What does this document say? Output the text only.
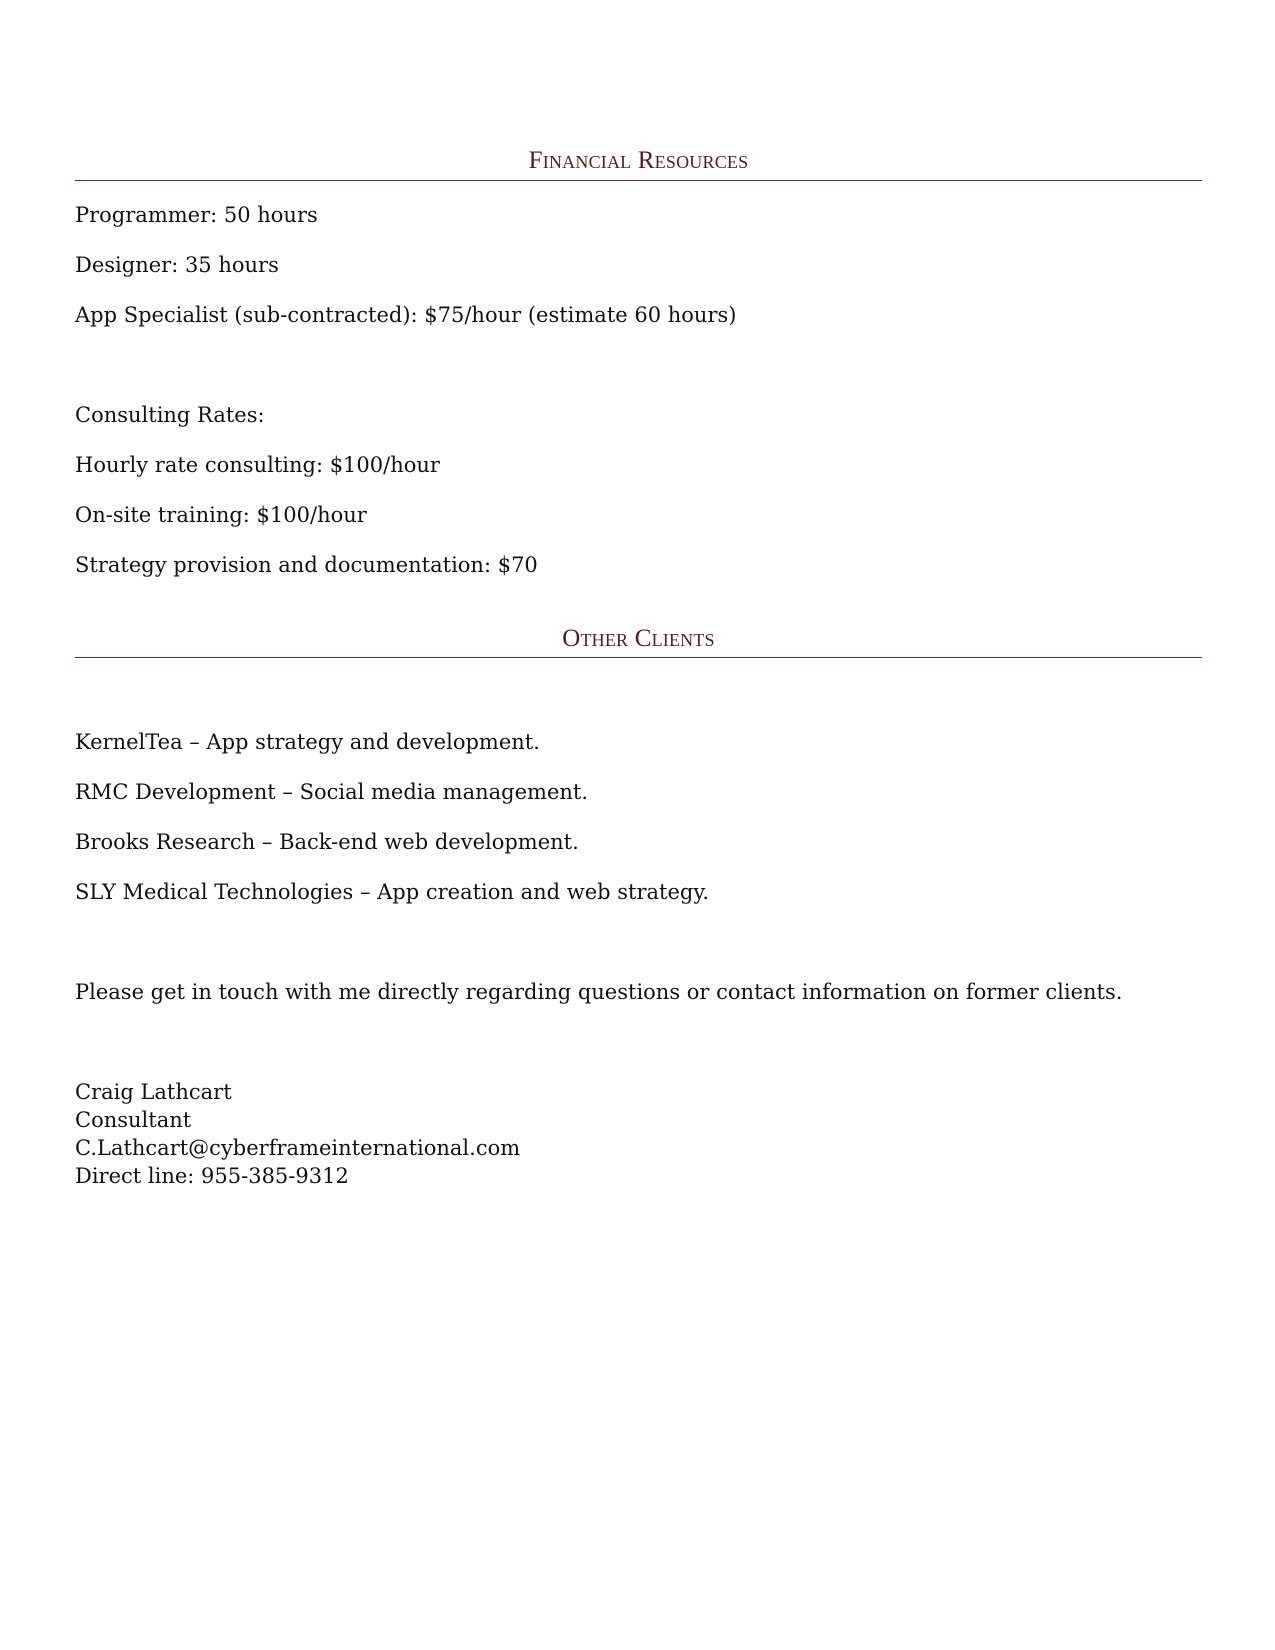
Financial Resources
Programmer: 50 hours
Designer: 35 hours
App Specialist (sub-contracted): $75/hour (estimate 60 hours)
Consulting Rates:
Hourly rate consulting: $100/hour
On-site training: $100/hour
Strategy provision and documentation: $70
Other Clients
KernelTea – App strategy and development.
RMC Development – Social media management.
Brooks Research – Back-end web development.
SLY Medical Technologies – App creation and web strategy.
Please get in touch with me directly regarding questions or contact information on former clients.
Craig Lathcart
Consultant
C.Lathcart@cyberframeinternational.com
Direct line: 955-385-9312
